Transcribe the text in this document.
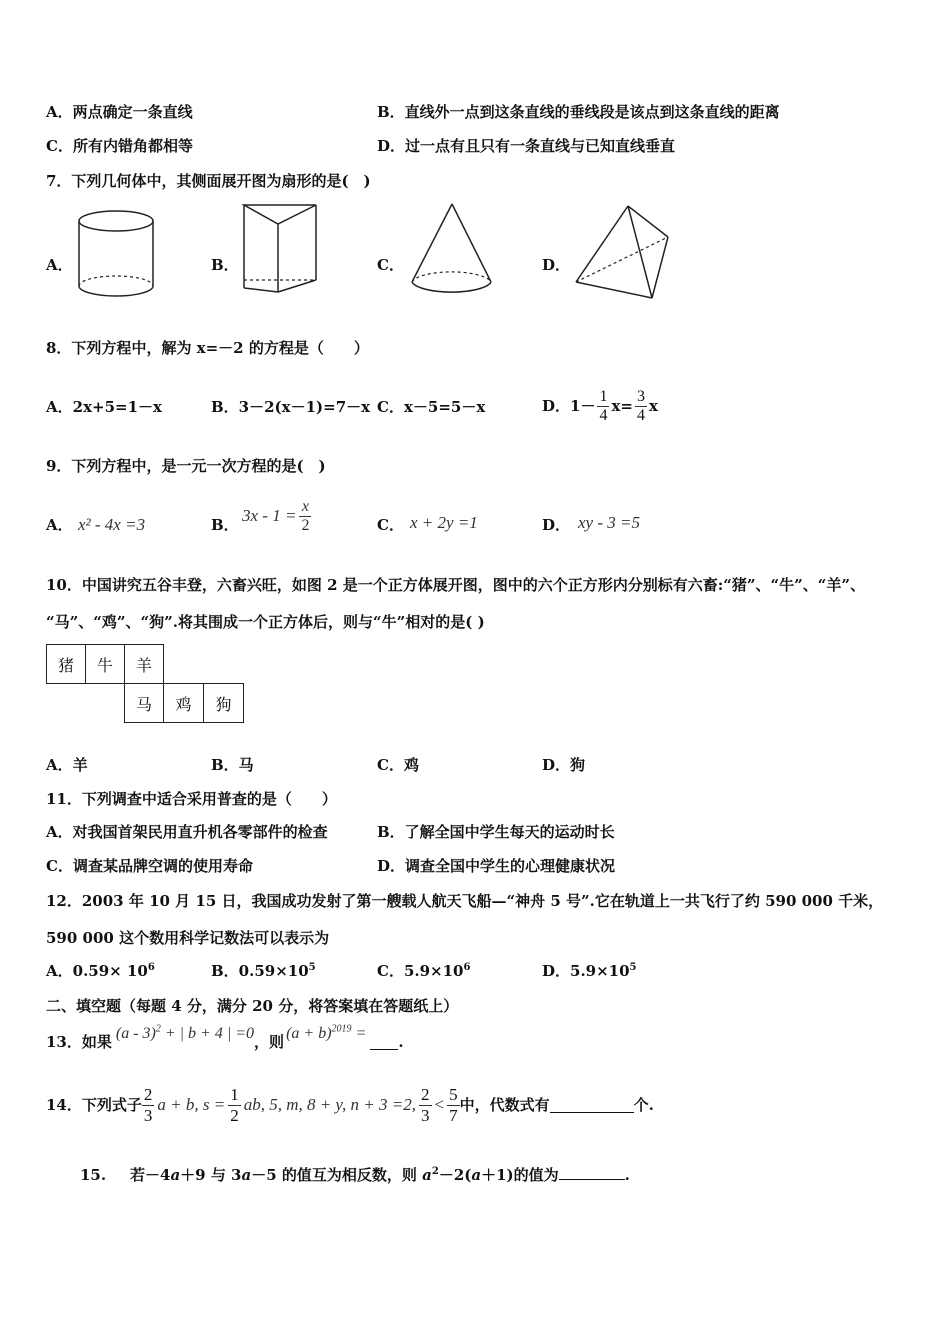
A．两点确定一条直线	B．直线外一点到这条直线的垂线段是该点到这条直线的距离
C．所有内错角都相等	D．过一点有且只有一条直线与已知直线垂直
7．下列几何体中，其侧面展开图为扇形的是(　)
A．	B．	C．	D．
8．下列方程中，解为 x=－2 的方程是（　　）
A．2x+5=1－x	B．3－2(x－1)=7－x C．x－5=5－x	D．$1- \frac{1}{4} x= \frac{3}{4}$ x
9．下列方程中，是一元一次方程的是(　)
A． x² - 4x =3	B． $3x - 1 = \frac{x}{2}$	C． x + 2y =1	D． xy - 3 =5
10．中国讲究五谷丰登，六畜兴旺，如图 2 是一个正方体展开图，图中的六个正方形内分别标有六畜:“猪”、“牛”、“羊”、
“马”、“鸡”、“狗”.将其围成一个正方体后，则与“牛”相对的是( )
猪	牛	羊
马	鸡	狗
A．羊	B．马	C．鸡	D．狗
11．下列调查中适合采用普查的是（　　）
A．对我国首架民用直升机各零部件的检查	B．了解全国中学生每天的运动时长
C．调查某品牌空调的使用寿命	D．调查全国中学生的心理健康状况
12．2003 年 10 月 15 日，我国成功发射了第一艘载人航天飞船—“神舟 5 号”.它在轨道上一共飞行了约 590 000 千米，
590 000 这个数用科学记数法可以表示为
A．$0.59\times 10^6$	B．$0.59\times 10^5$	C．$5.9\times 10^6$	D．$5.9\times 10^5$
二、填空题（每题 4 分，满分 20 分，将答案填在答题纸上）
13．如果 (a - 3)$^2$ + | b + 4 | =0 ，则 $(a + b)^{2019}$ = .
14．下列式子 $\frac{2}{3}$ a + b, $s = \frac{1}{2}$ ab, 5, m, 8 + y, n + 3 =2, $\frac{2}{3} < \frac{5}{7}$ 中，代数式有	个.
15. 若－4a＋9 与 3a－5 的值互为相反数，则 $a^2-2(a+1)$的值为	.
